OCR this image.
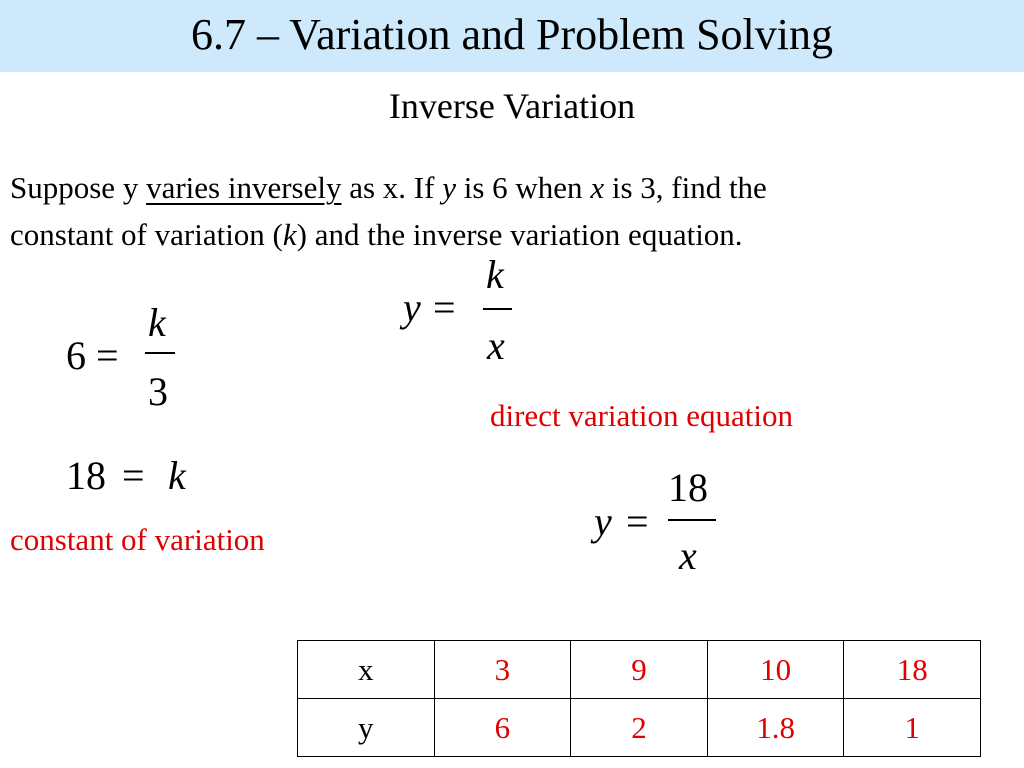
6.7 – Variation and Problem Solving
Inverse Variation

Suppose y varies inversely as x. If y is 6 when x is 3, find the

constant of variation (k) and the inverse variation equation.

y =
k
x
6 =
k
3
18 = k
y =
18
x
direct variation equation
constant of variation
x	3	9	10	18
y	6	2	1.8	1
